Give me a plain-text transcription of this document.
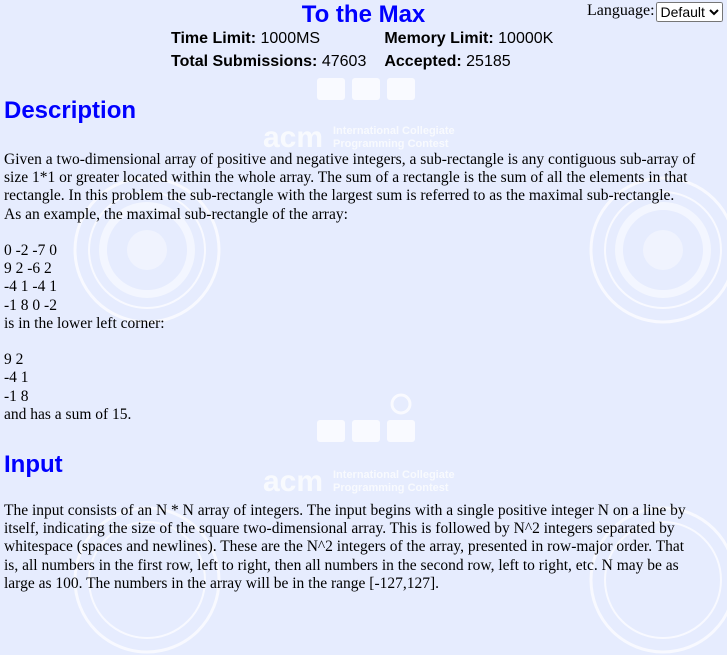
acm International Collegiate
Programming Contest
acm International Collegiate
Programming Contest
To the Max	Language:
Default
Time Limit: 1000MS	Memory Limit: 10000K
Total Submissions: 47603	Accepted: 25185
Description
Given a two-dimensional array of positive and negative integers, a sub-rectangle is any contiguous sub-array of
size 1*1 or greater located within the whole array. The sum of a rectangle is the sum of all the elements in that
rectangle. In this problem the sub-rectangle with the largest sum is referred to as the maximal sub-rectangle.
As an example, the maximal sub-rectangle of the array:
0 -2 -7 0
9 2 -6 2
-4 1 -4 1
-1 8 0 -2
is in the lower left corner:
9 2
-4 1
-1 8
and has a sum of 15.
Input
The input consists of an N * N array of integers. The input begins with a single positive integer N on a line by
itself, indicating the size of the square two-dimensional array. This is followed by N^2 integers separated by
whitespace (spaces and newlines). These are the N^2 integers of the array, presented in row-major order. That
is, all numbers in the first row, left to right, then all numbers in the second row, left to right, etc. N may be as
large as 100. The numbers in the array will be in the range [-127,127].
